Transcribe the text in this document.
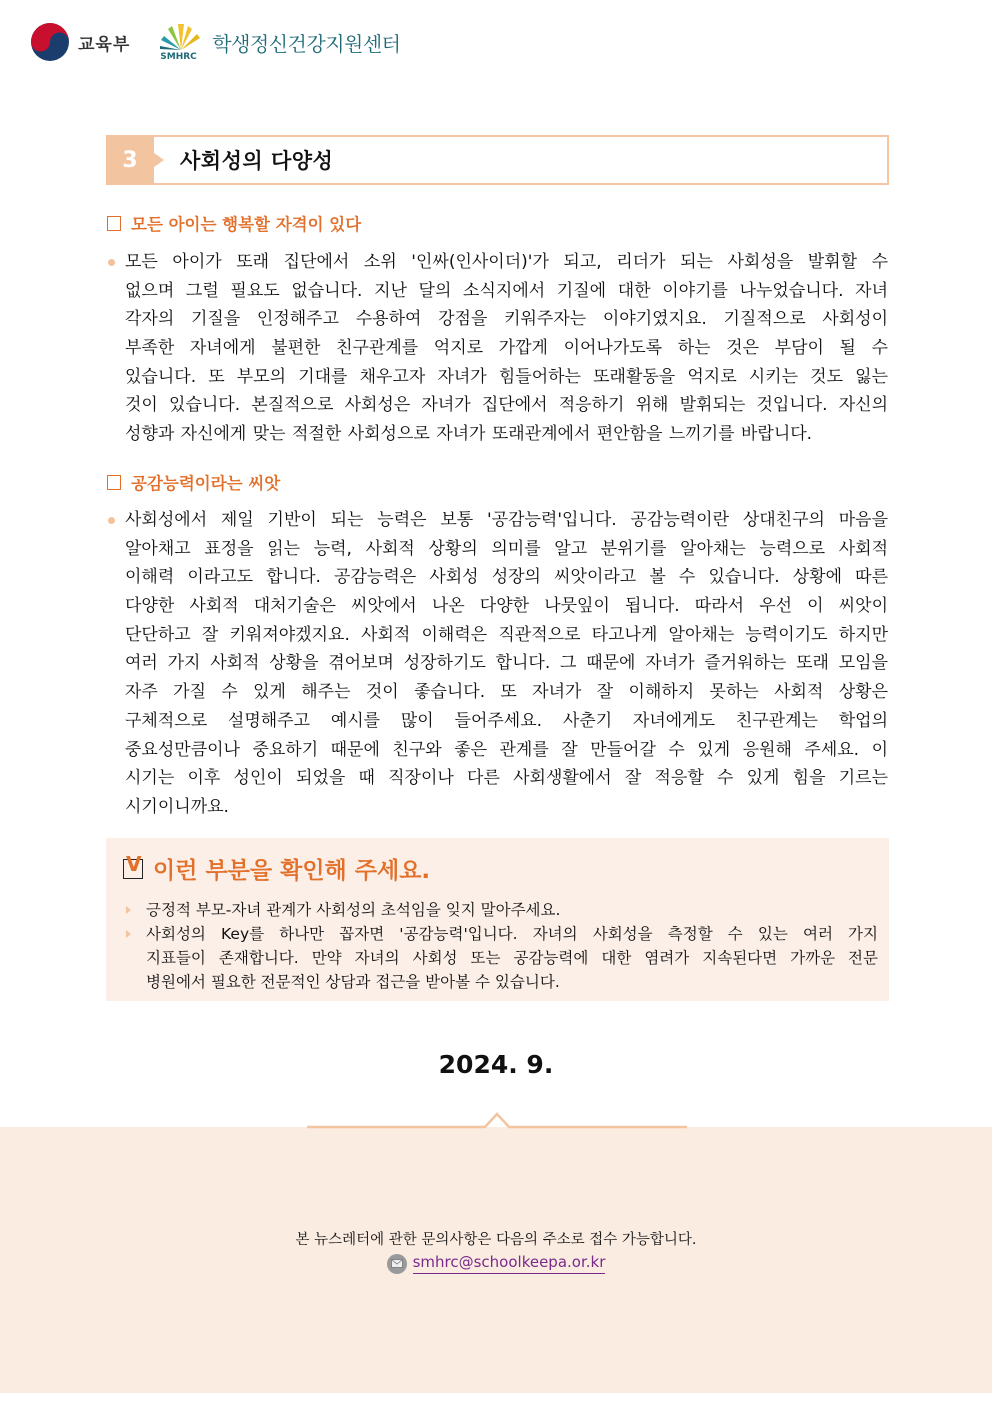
교육부
SMHRC
학생정신건강지원센터
3	사회성의 다양성
모든 아이는 행복할 자격이 있다
모든 아이가 또래 집단에서 소위 '인싸(인사이더)'가 되고, 리더가 되는 사회성을 발휘할 수
없으며 그럴 필요도 없습니다. 지난 달의 소식지에서 기질에 대한 이야기를 나누었습니다. 자녀
각자의 기질을 인정해주고 수용하여 강점을 키워주자는 이야기였지요. 기질적으로 사회성이
부족한 자녀에게 불편한 친구관계를 억지로 가깝게 이어나가도록 하는 것은 부담이 될 수
있습니다. 또 부모의 기대를 채우고자 자녀가 힘들어하는 또래활동을 억지로 시키는 것도 잃는
것이 있습니다. 본질적으로 사회성은 자녀가 집단에서 적응하기 위해 발휘되는 것입니다. 자신의
성향과 자신에게 맞는 적절한 사회성으로 자녀가 또래관계에서 편안함을 느끼기를 바랍니다.
공감능력이라는 씨앗
사회성에서 제일 기반이 되는 능력은 보통 '공감능력'입니다. 공감능력이란 상대친구의 마음을
알아채고 표정을 읽는 능력, 사회적 상황의 의미를 알고 분위기를 알아채는 능력으로 사회적
이해력 이라고도 합니다. 공감능력은 사회성 성장의 씨앗이라고 볼 수 있습니다. 상황에 따른
다양한 사회적 대처기술은 씨앗에서 나온 다양한 나뭇잎이 됩니다. 따라서 우선 이 씨앗이
단단하고 잘 키워져야겠지요. 사회적 이해력은 직관적으로 타고나게 알아채는 능력이기도 하지만
여러 가지 사회적 상황을 겪어보며 성장하기도 합니다. 그 때문에 자녀가 즐거워하는 또래 모임을
자주 가질 수 있게 해주는 것이 좋습니다. 또 자녀가 잘 이해하지 못하는 사회적 상황은
구체적으로 설명해주고 예시를 많이 들어주세요. 사춘기 자녀에게도 친구관계는 학업의
중요성만큼이나 중요하기 때문에 친구와 좋은 관계를 잘 만들어갈 수 있게 응원해 주세요. 이
시기는 이후 성인이 되었을 때 직장이나 다른 사회생활에서 잘 적응할 수 있게 힘을 기르는
시기이니까요.
V 이런 부분을 확인해 주세요.
긍정적 부모-자녀 관계가 사회성의 초석임을 잊지 말아주세요.
사회성의 Key를 하나만 꼽자면 '공감능력'입니다. 자녀의 사회성을 측정할 수 있는 여러 가지
지표들이 존재합니다. 만약 자녀의 사회성 또는 공감능력에 대한 염려가 지속된다면 가까운 전문
병원에서 필요한 전문적인 상담과 접근을 받아볼 수 있습니다.
2024. 9.
본 뉴스레터에 관한 문의사항은 다음의 주소로 접수 가능합니다.
smhrc@schoolkeepa.or.kr
